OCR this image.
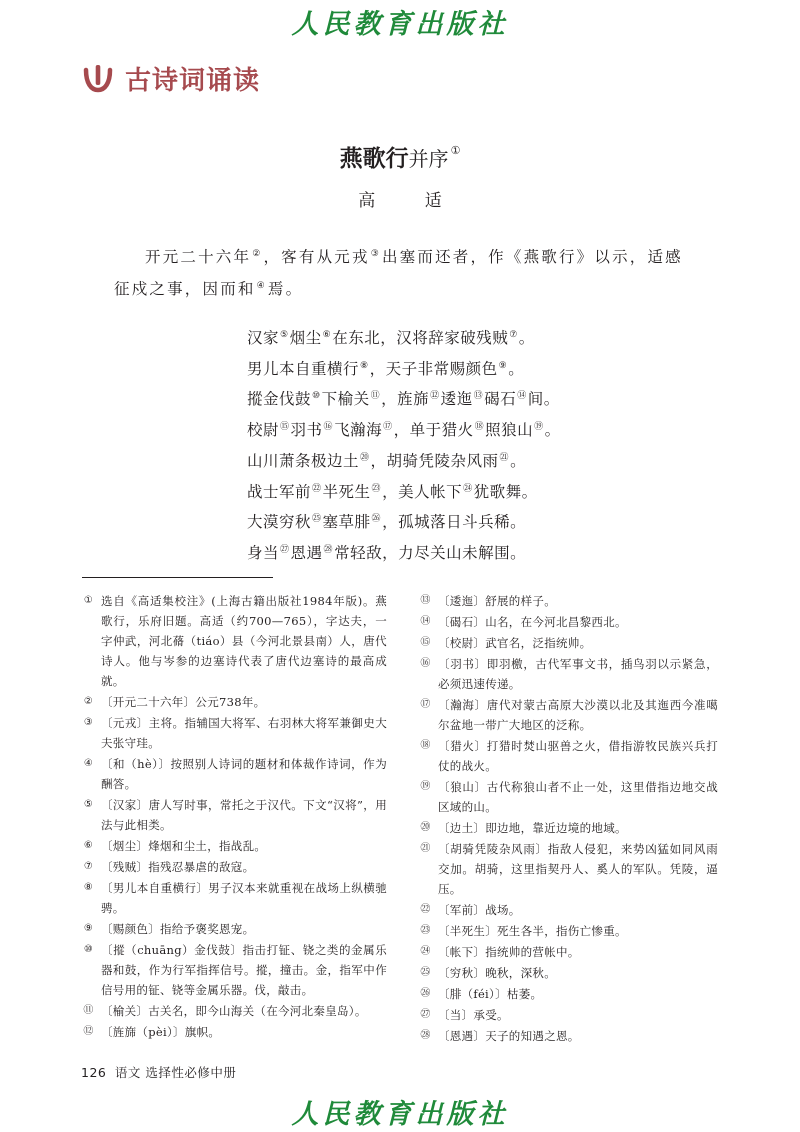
人民教育出版社
古诗词诵读
燕歌行并序 ①
高 适
开元二十六年②，客有从元戎③出塞而还者，作《燕歌行》以示，适感征戍之事，因而和④焉。
汉家⑤烟尘⑥在东北，汉将辞家破残贼⑦。
男儿本自重横行⑧，天子非常赐颜色⑨。
摐金伐鼓⑩下榆关⑪，旌旆⑫逶迤⑬碣石⑭间。
校尉⑮羽书⑯飞瀚海⑰，单于猎火⑱照狼山⑲。
山川萧条极边土⑳，胡骑凭陵杂风雨$^㉑$。
战士军前$^㉒$半死生$^㉓$，美人帐下$^㉔$犹歌舞。
大漠穷秋$^㉕$塞草腓$^㉖$，孤城落日斗兵稀。
身当$^㉗$恩遇$^㉘$常轻敌，力尽关山未解围。
① 选自《高适集校注》(上海古籍出版社1984年版)。燕歌行，乐府旧题。高适（约700—765），字达夫，一字仲武，河北蓨（tiáo）县（今河北景县南）人，唐代诗人。他与岑参的边塞诗代表了唐代边塞诗的最高成就。
② 〔开元二十六年〕公元738年。
③ 〔元戎〕主将。指辅国大将军、右羽林大将军兼御史大夫张守珪。
④ 〔和（hè）〕按照别人诗词的题材和体裁作诗词，作为酬答。
⑤ 〔汉家〕唐人写时事，常托之于汉代。下文“汉将”，用法与此相类。
⑥ 〔烟尘〕烽烟和尘土，指战乱。
⑦ 〔残贼〕指残忍暴虐的敌寇。
⑧ 〔男儿本自重横行〕男子汉本来就重视在战场上纵横驰骋。
⑨ 〔赐颜色〕指给予褒奖恩宠。
⑩ 〔摐（chuāng）金伐鼓〕指击打钲、铙之类的金属乐器和鼓，作为行军指挥信号。摐，撞击。金，指军中作信号用的钲、铙等金属乐器。伐，敲击。
⑪ 〔榆关〕古关名，即今山海关（在今河北秦皇岛）。
⑫ 〔旌旆（pèi）〕旗帜。
⑬ 〔逶迤〕舒展的样子。
⑭ 〔碣石〕山名，在今河北昌黎西北。
⑮ 〔校尉〕武官名，泛指统帅。
⑯ 〔羽书〕即羽檄，古代军事文书，插鸟羽以示紧急，必须迅速传递。
⑰ 〔瀚海〕唐代对蒙古高原大沙漠以北及其迤西今准噶尔盆地一带广大地区的泛称。
⑱ 〔猎火〕打猎时焚山驱兽之火，借指游牧民族兴兵打仗的战火。
⑲ 〔狼山〕古代称狼山者不止一处，这里借指边地交战区域的山。
⑳ 〔边土〕即边地，靠近边境的地域。
㉑ 〔胡骑凭陵杂风雨〕指敌人侵犯，来势凶猛如同风雨交加。胡骑，这里指契丹人、奚人的军队。凭陵，逼压。
㉒ 〔军前〕战场。
㉓ 〔半死生〕死生各半，指伤亡惨重。
㉔ 〔帐下〕指统帅的营帐中。
㉕ 〔穷秋〕晚秋，深秋。
㉖ 〔腓（féi）〕枯萎。
㉗ 〔当〕承受。
㉘ 〔恩遇〕天子的知遇之恩。
126 语文 选择性必修中册
人民教育出版社
